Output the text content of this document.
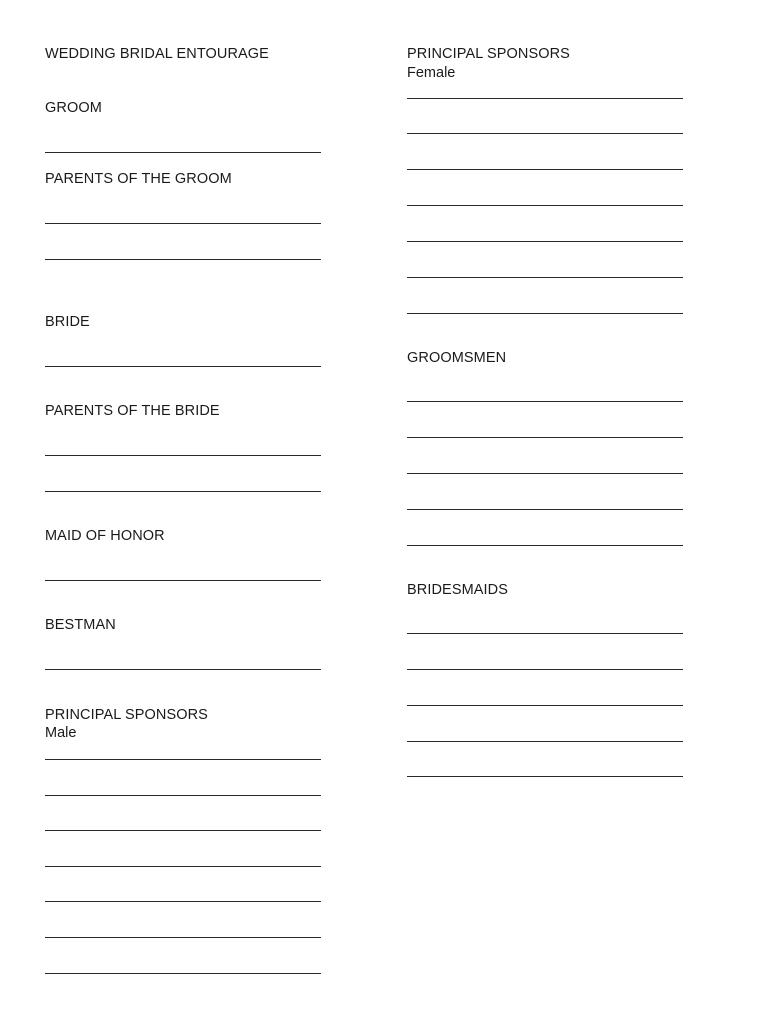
WEDDING BRIDAL ENTOURAGE
GROOM
PARENTS OF THE GROOM
BRIDE
PARENTS OF THE BRIDE
MAID OF HONOR
BESTMAN
PRINCIPAL SPONSORS
Male
PRINCIPAL SPONSORS
Female
GROOMSMEN
BRIDESMAIDS
